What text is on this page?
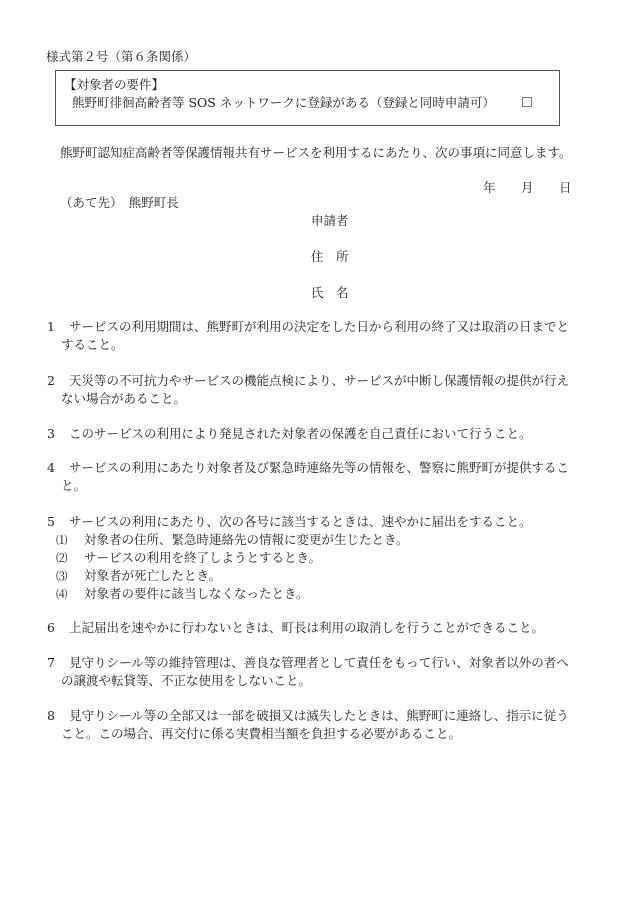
様式第２号（第６条関係）
【対象者の要件】
熊野町徘徊高齢者等 SOS ネットワークに登録がある（登録と同時申請可）
熊野町認知症高齢者等保護情報共有サービスを利用するにあたり、次の事項に同意します。
年 月 日
（あて先）　熊野町長
申請者
住 所
氏 名
1 サービスの利用期間は、熊野町が利用の決定をした日から利用の終了又は取消の日までと
すること。
2 天災等の不可抗力やサービスの機能点検により、サービスが中断し保護情報の提供が行え
ない場合があること。
3 このサービスの利用により発見された対象者の保護を自己責任において行うこと。
4 サービスの利用にあたり対象者及び緊急時連絡先等の情報を、警察に熊野町が提供するこ
と。
5 サービスの利用にあたり、次の各号に該当するときは、速やかに届出をすること。
⑴ 対象者の住所、緊急時連絡先の情報に変更が生じたとき。
⑵ サービスの利用を終了しようとするとき。
⑶ 対象者が死亡したとき。
⑷ 対象者の要件に該当しなくなったとき。
6 上記届出を速やかに行わないときは、町長は利用の取消しを行うことができること。
7 見守りシール等の維持管理は、善良な管理者として責任をもって行い、対象者以外の者へ
の譲渡や転貸等、不正な使用をしないこと。
8 見守りシール等の全部又は一部を破損又は滅失したときは、熊野町に連絡し、指示に従う
こと。この場合、再交付に係る実費相当額を負担する必要があること。
